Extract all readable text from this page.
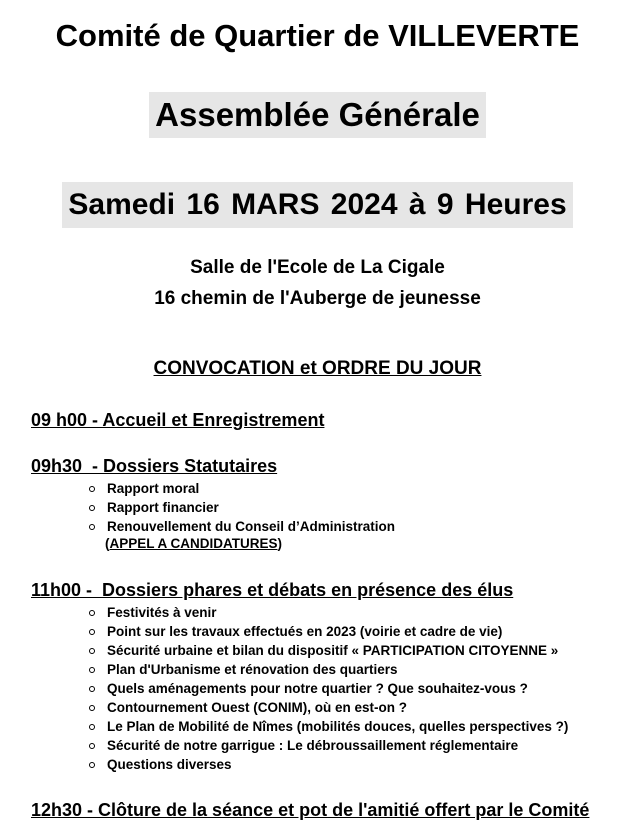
Comité de Quartier de VILLEVERTE
Assemblée Générale
Samedi 16 MARS 2024 à 9 Heures
Salle de l'Ecole de La Cigale
16 chemin de l'Auberge de jeunesse
CONVOCATION et ORDRE DU JOUR
09 h00 - Accueil et Enregistrement
09h30  - Dossiers Statutaires
Rapport moral
Rapport financier
Renouvellement du Conseil d’Administration
(APPEL A CANDIDATURES)
11h00 -  Dossiers phares et débats en présence des élus
Festivités à venir
Point sur les travaux effectués en 2023 (voirie et cadre de vie)
Sécurité urbaine et bilan du dispositif « PARTICIPATION CITOYENNE »
Plan d'Urbanisme et rénovation des quartiers
Quels aménagements pour notre quartier ? Que souhaitez-vous ?
Contournement Ouest (CONIM), où en est-on ?
Le Plan de Mobilité de Nîmes (mobilités douces, quelles perspectives ?)
Sécurité de notre garrigue : Le débroussaillement réglementaire
Questions diverses
12h30 - Clôture de la séance et pot de l'amitié offert par le Comité
